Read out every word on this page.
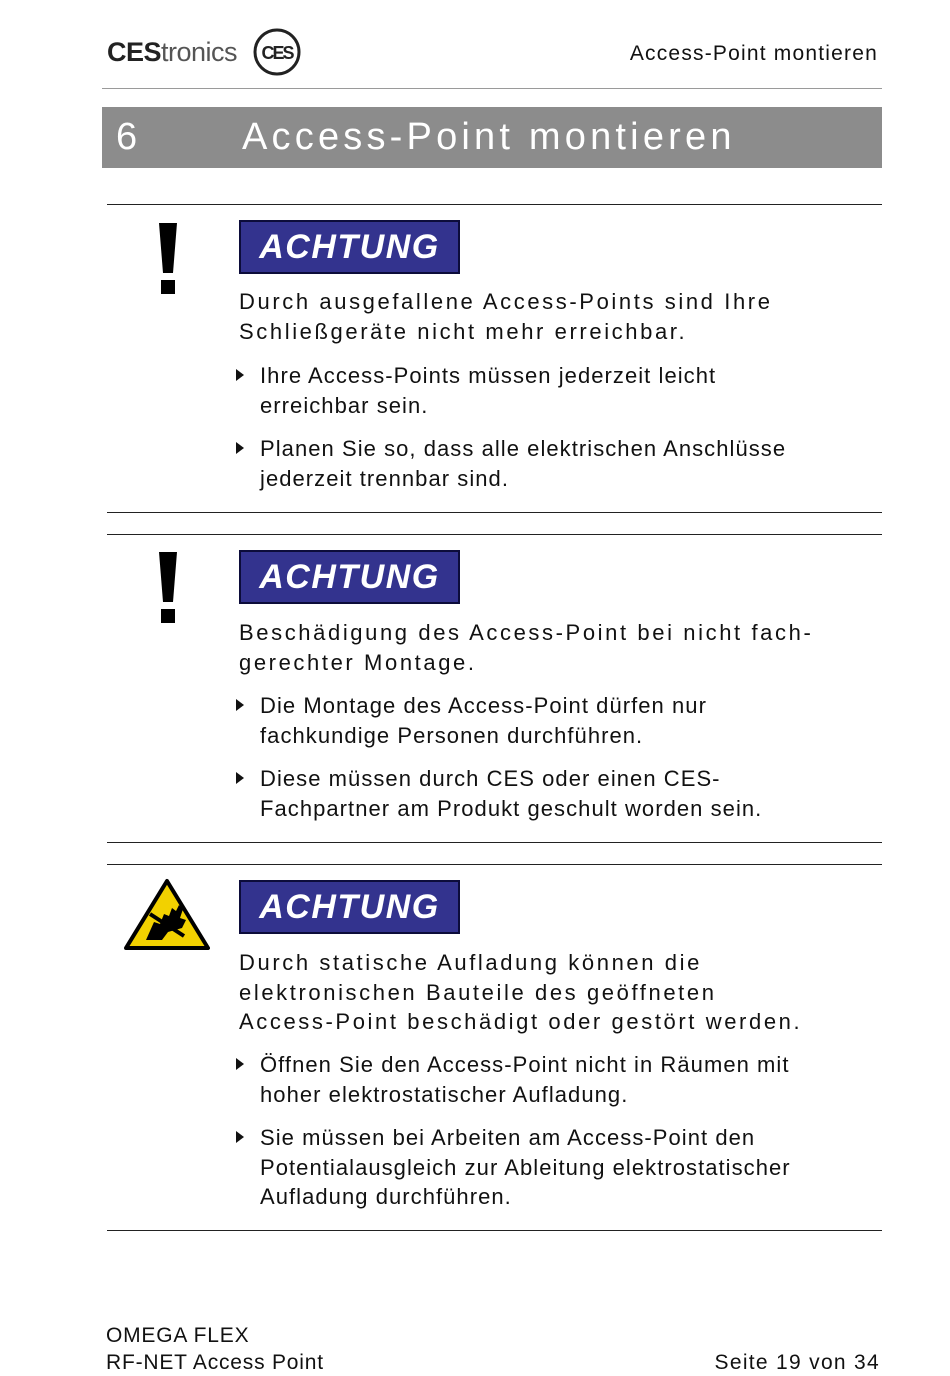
CEStronics CES	Access-Point montieren
6	Access-Point montieren
ACHTUNG
Durch ausgefallene Access-Points sind Ihre
Schließgeräte nicht mehr erreichbar.
Ihre Access-Points müssen jederzeit leicht
erreichbar sein.
Planen Sie so, dass alle elektrischen Anschlüsse
jederzeit trennbar sind.
ACHTUNG
Beschädigung des Access-Point bei nicht fach-
gerechter Montage.
Die Montage des Access-Point dürfen nur
fachkundige Personen durchführen.
Diese müssen durch CES oder einen CES-
Fachpartner am Produkt geschult worden sein.
ACHTUNG
Durch statische Aufladung können die
elektronischen Bauteile des geöffneten
Access-Point beschädigt oder gestört werden.
Öffnen Sie den Access-Point nicht in Räumen mit
hoher elektrostatischer Aufladung.
Sie müssen bei Arbeiten am Access-Point den
Potentialausgleich zur Ableitung elektrostatischer
Aufladung durchführen.
OMEGA FLEX
RF-NET Access Point	Seite 19 von 34
